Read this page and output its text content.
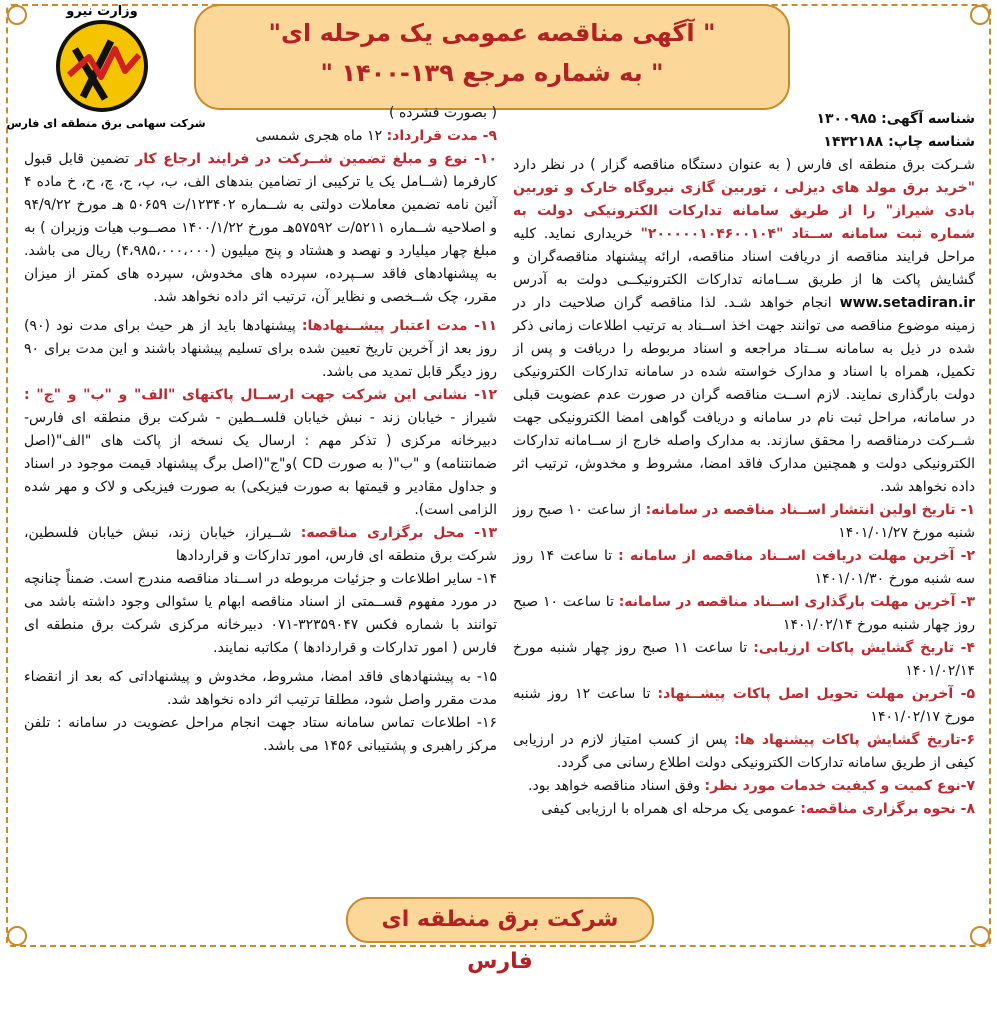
" آگهی مناقصه عمومی یک مرحله ای"
" به شماره مرجع ۱۳۹-۱۴۰۰ "
وزارت نیرو
شرکت سهامی برق منطقه ای فارس	شناسه آگهی: ۱۳۰۰۹۸۵

شناسه چاپ: ۱۴۳۲۱۸۸

شـرکت برق منطقه ای فارس ( به عنوان دستگاه مناقصه گزار ) در نظر دارد "خرید برق مولد های دیزلی ، توربین گازی نیروگاه خارک و توربین بادی شیراز" را از طریق سامانه تدارکات الکترونیکی دولت به شماره ثبت سامانه ســتاد "۲۰۰۰۰۰۱۰۴۶۰۰۱۰۴" خریداری نماید. کلیه مراحل فرایند مناقصه از دریافت اسناد مناقصه، ارائه پیشنهاد مناقصه‌گران و گشایش پاکت ها از طریق ســامانه تدارکات الکترونیکــی دولت به آدرس www.setadiran.ir انجام خواهد شـد. لذا مناقصه گران صلاحیت دار در زمینه موضوع مناقصه می توانند جهت اخذ اســناد به ترتیب اطلاعات زمانی ذکر شده در ذیل به سامانه ســتاد مراجعه و اسناد مربوطه را دریافت و پس از تکمیل، همراه با اسناد و مدارک خواسته شده در سامانه تدارکات الکترونیکی دولت بارگذاری نمایند. لازم اســت مناقصه گران در صورت عدم عضویت قبلی در سامانه، مراحل ثبت نام در سامانه و دریافت گواهی امضا الکترونیکی جهت شــرکت درمناقصه را محقق سازند. به مدارک واصله خارج از ســامانه تدارکات الکترونیکی دولت و همچنین مدارک فاقد امضا، مشروط و مخدوش، ترتیب اثر داده نخواهد شد.

۱- تاریخ اولین انتشار اســناد مناقصه در سامانه: از ساعت ۱۰ صبح روز شنبه مورخ ۱۴۰۱/۰۱/۲۷

۲- آخرین مهلت دریافت اســناد مناقصه از سامانه : تا ساعت ۱۴ روز سه شنبه مورخ ۱۴۰۱/۰۱/۳۰

۳- آخرین مهلت بارگذاری اســناد مناقصه در سامانه: تا ساعت ۱۰ صبح روز چهار شنبه مورخ ۱۴۰۱/۰۲/۱۴

۴- تاریخ گشایش پاکات ارزیابی: تا ساعت ۱۱ صبح روز چهار شنبه مورخ ۱۴۰۱/۰۲/۱۴

۵- آخرین مهلت تحویل اصل پاکات پیشــنهاد: تا ساعت ۱۲ روز شنبه مورخ ۱۴۰۱/۰۲/۱۷

۶-تاریخ گشایش پاکات پیشنهاد ها: پس از کسب امتیاز لازم در ارزیابی کیفی از طریق سامانه تدارکات الکترونیکی دولت اطلاع رسانی می گردد.

۷-نوع کمیت و کیفیت خدمات مورد نظر: وفق اسناد مناقصه خواهد بود.

۸- نحوه برگزاری مناقصه: عمومی یک مرحله ای همراه با ارزیابی کیفی

( بصورت فشرده )

۹- مدت قرارداد: ۱۲ ماه هجری شمسی

۱۰- نوع و مبلغ تضمین شــرکت در فرایند ارجاع کار تضمین قابل قبول کارفرما (شــامل یک یا ترکیبی از تضامین بندهای الف، ب، پ، ج، چ، ح، خ ماده ۴ آئین نامه تضمین معاملات دولتی به شــماره ۱۲۳۴۰۲/ت ۵۰۶۵۹ هـ مورخ ۹۴/۹/۲۲ و اصلاحیه شــماره ۵۲۱۱/ت ۵۷۵۹۲هـ مورخ ۱۴۰۰/۱/۲۲ مصــوب هیات وزیران ) به مبلغ چهار میلیارد و نهصد و هشتاد و پنج میلیون (۴،۹۸۵،۰۰۰،۰۰۰) ریال می باشد. به پیشنهادهای فاقد ســپرده، سپرده های مخدوش، سپرده های کمتر از میزان مقرر، چک شــخصی و نظایر آن، ترتیب اثر داده نخواهد شد.

۱۱- مدت اعتبار پیشــنهادها: پیشنهادها باید از هر حیث برای مدت نود (۹۰) روز بعد از آخرین تاریخ تعیین شده برای تسلیم پیشنهاد باشند و این مدت برای ۹۰ روز دیگر قابل تمدید می باشد.

۱۲- نشانی این شرکت جهت ارســال پاکتهای "الف" و "ب" و "ج" : شیراز - خیابان زند - نبش خیابان فلســطین - شرکت برق منطقه ای فارس- دبیرخانه مرکزی ( تذکر مهم : ارسال یک نسخه از پاکت های "الف"(اصل ضمانتنامه) و "ب"( به صورت CD )و"ج"(اصل برگ پیشنهاد قیمت موجود در اسناد و جداول مقادیر و قیمتها به صورت فیزیکی) به صورت فیزیکی و لاک و مهر شده الزامی است).

۱۳- محل برگزاری مناقصه: شــیراز، خیابان زند، نبش خیابان فلسطین، شرکت برق منطقه ای فارس، امور تدارکات و قراردادها

۱۴- سایر اطلاعات و جزئیات مربوطه در اســناد مناقصه مندرج است. ضمناً چنانچه در مورد مفهوم قســمتی از اسناد مناقصه ابهام یا سئوالی وجود داشته باشد می توانند با شماره فکس ۳۲۳۵۹۰۴۷-۰۷۱ دبیرخانه مرکزی شرکت برق منطقه ای فارس ( امور تدارکات و قراردادها ) مکاتبه نمایند.

۱۵- به پیشنهادهای فاقد امضا، مشروط، مخدوش و پیشنهاداتی که بعد از انقضاء مدت مقرر واصل شود، مطلقا ترتیب اثر داده نخواهد شد.

۱۶- اطلاعات تماس سامانه ستاد جهت انجام مراحل عضویت در سامانه : تلفن مرکز راهبری و پشتیبانی ۱۴۵۶ می باشد.

شرکت برق منطقه ای فارس
